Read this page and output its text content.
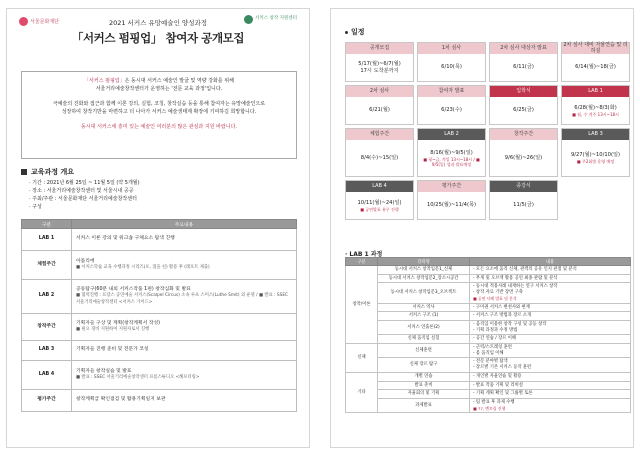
서울문화재단
서커스 창작 지원센터
2021 서커스 유망예술인 양성과정
「서커스 펌핑업」 참여자 공개모집
「서커스 펌핑업」은 동시대 서커스 예술인 발굴 및 역량 강화를 위해
서울거리예술창작센터가 운영하는 '전문 교육 과정'입니다.
극예술의 진화와 접근과 함께 이론 강의, 실험, 코칭, 창작실습 등을 통해 참여자는 유망예술인으로
성장하여 창작기반을 마련하고 더 나아가 서커스 예술생태계 확장에 기여하길 희망합니다.
동시대 서커스에 흥미 있는 예술인 여러분의 많은 관심과 지원 바랍니다.
교육과정 개요
· 기간 : 2021년 6월 25일 ~ 11월 5일 (약 5개월)
· 장소 : 서울거리예술창작센터 및 서울시내 공공
· 주최/주관 : 서울문화재단 서울거리예술창작센터
· 구성
구분	주요내용
LAB 1	서커스 이론 강의 및 워크숍 구체요소 탐색 진행

체험주간	아틀리에
■ 서커스학습 교육 수행과정 시리즈(포, 접을 친) 활용 후 (레포트 제출)

LAB 2	공동탐구(60분 내외 서커스작품 1편) 창작심화 및 발표
■ 협력진행 : 프랑스 공연예술 서커스(Scalpel Circus) 소속 루츠 스미스(Luthe Smit) 외 운영 / ■ 발표 : SSEC 서울거리예술창작센터 <서커스 가이드>

창작주간	기획자들 구상 및 계획(창작계획서 작성)
■ 필요 경비 지원하여 지원자로서 진행

LAB 3	기획자들 진행 준비 및 전문가 코칭

LAB 4	기획자들 창작실습 및 발표
■ 발표 : SSEC 서울거리예술창작센터 프롬스튜디오 <해포터링>

평가주간	창작계획급 확인점검 및 활용기획일지 보관
일정
공개모집
5/17(월)~6/7(월)
17시 도착분까지
1차 심사
6/10(목)
2차 심사 대상자 발표
6/11(금)
2차 심사 대비 자율연습 및 리허설
6/14(월)~18(금)
2차 심사
6/21(월)
참여자 발표
6/23(수)
입학식
6/25(금)
LAB 1
6/28(월)~8/3(화)
■ 월, 수 격주 13시~18시
체험주간
8/4(수)~15(일)
LAB 2
8/16(월)~9/5(일)
■ 평~금, 격일 13시~18시 / ■ 9/5(일) 성과 발표예정
창작주간
9/6(월)~26(일)
LAB 3
9/27(월)~10/10(일)
■ 주2회별 운영 예정
LAB 4
10/11(월)~24(일)
■ 공연발표 유무 진행
평가주간
10/25(월)~11/4(목)
종강식
11/5(금)
· LAB 1 과정
구분	강좌명	내용
창작/이론	동시대 서커스 창작입문1_신체	- 모든 요소에 움직 신체, 관객의 공유 인지 관점 및 분석

	동시대 서커스 창작입문2_장소시공간	- 무게 및 오브젝 활용 공연 최종 관람 및 분석

	동시대 서커스 창작입문3_오브젝트	- 동시대 적용사례 내재하는 연구 서커스 창작
- 창작 자료 기반 장면 구축
■ 공연 사례 발표 및 분석

	서커스 역사	- 구미권 서커스 변천사와 현재

	서커스 구조 (1)	- 서커스 구조 방법과 장르 소개

	서커스 연출론(2)	- 움직임 이용한 창작 구성 및 공동 창작
- 기획 과정과 수정 방법

	신체 움직임 실험	- 공간 연습 / 장르 이해

신체	신체훈련	- 근력/스트레칭 훈련
- 몸 움직임 이해

	신체 장르 탐구	- 전문 분야별 탐색
- 장르별 기본 서커스 동작 훈련

기타	개별 연습	- 개인별 자율연습 및 활용

	발표 준비	- 발표 작품 기획 및 리허설

	자율회의 및 기획	- 기획 계획 확인 및 그룹별 토론

	과제발표	- 팀 발표 후 과제 수행
■ 77, 멘토링 진행
